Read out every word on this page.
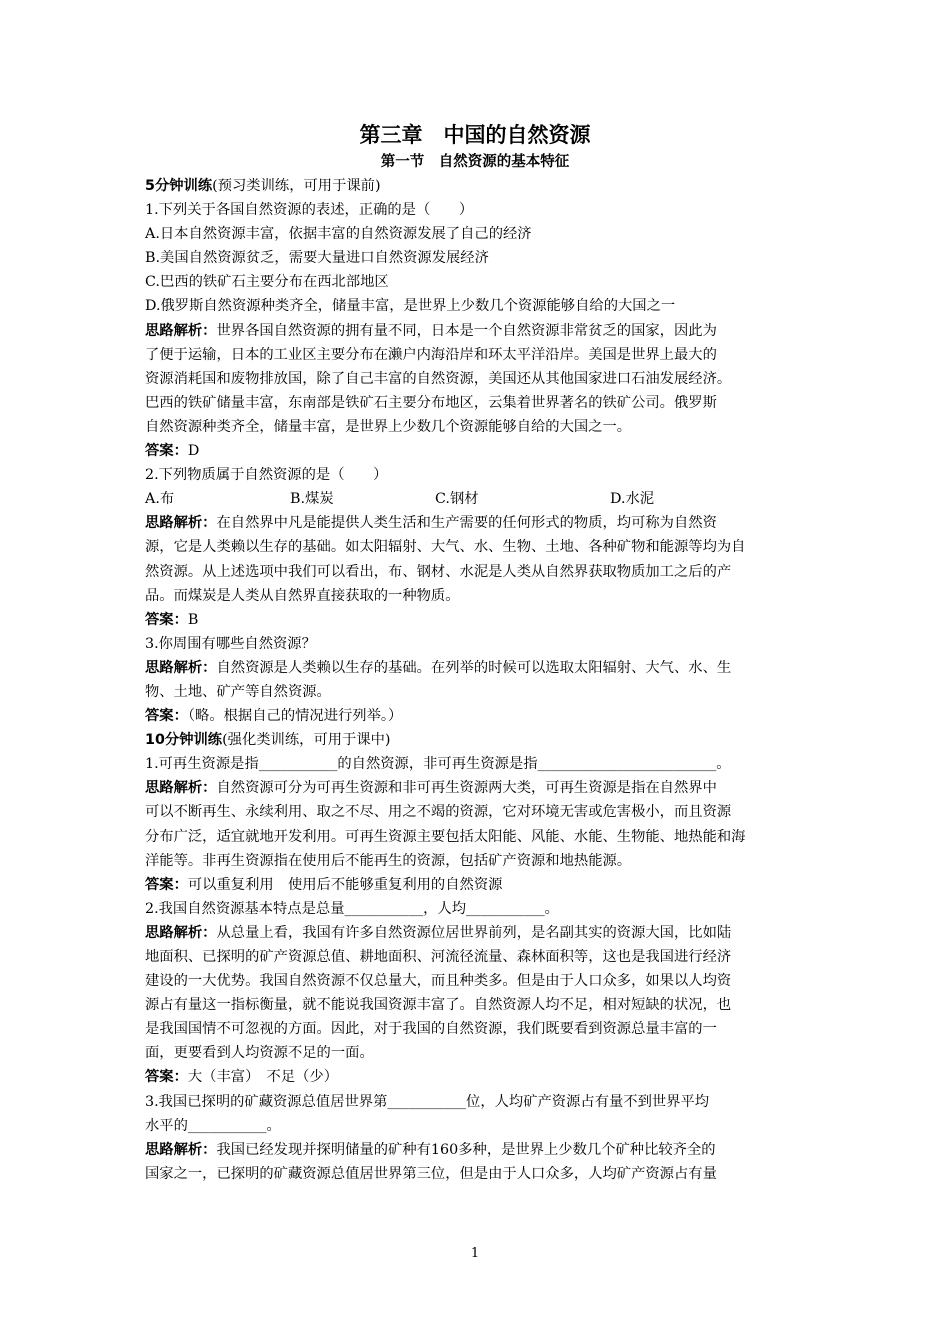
第三章　中国的自然资源
第一节　自然资源的基本特征
5分钟训练(预习类训练，可用于课前)
1.下列关于各国自然资源的表述，正确的是（　　）
A.日本自然资源丰富，依据丰富的自然资源发展了自己的经济
B.美国自然资源贫乏，需要大量进口自然资源发展经济
C.巴西的铁矿石主要分布在西北部地区
D.俄罗斯自然资源种类齐全，储量丰富，是世界上少数几个资源能够自给的大国之一
思路解析：世界各国自然资源的拥有量不同，日本是一个自然资源非常贫乏的国家，因此为
了便于运输，日本的工业区主要分布在濑户内海沿岸和环太平洋沿岸。美国是世界上最大的
资源消耗国和废物排放国，除了自己丰富的自然资源，美国还从其他国家进口石油发展经济。
巴西的铁矿储量丰富，东南部是铁矿石主要分布地区，云集着世界著名的铁矿公司。俄罗斯
自然资源种类齐全，储量丰富，是世界上少数几个资源能够自给的大国之一。
答案：D
2.下列物质属于自然资源的是（　　）
A.布	B.煤炭	C.钢材	D.水泥
思路解析：在自然界中凡是能提供人类生活和生产需要的任何形式的物质，均可称为自然资
源，它是人类赖以生存的基础。如太阳辐射、大气、水、生物、土地、各种矿物和能源等均为自
然资源。从上述选项中我们可以看出，布、钢材、水泥是人类从自然界获取物质加工之后的产
品。而煤炭是人类从自然界直接获取的一种物质。
答案：B
3.你周围有哪些自然资源？
思路解析：自然资源是人类赖以生存的基础。在列举的时候可以选取太阳辐射、大气、水、生
物、土地、矿产等自然资源。
答案：（略。根据自己的情况进行列举。）
10分钟训练(强化类训练，可用于课中)
1.可再生资源是指___________的自然资源，非可再生资源是指_________________________。
思路解析：自然资源可分为可再生资源和非可再生资源两大类，可再生资源是指在自然界中
可以不断再生、永续利用、取之不尽、用之不竭的资源，它对环境无害或危害极小，而且资源
分布广泛，适宜就地开发利用。可再生资源主要包括太阳能、风能、水能、生物能、地热能和海
洋能等。非再生资源指在使用后不能再生的资源，包括矿产资源和地热能源。
答案：可以重复利用　使用后不能够重复利用的自然资源
2.我国自然资源基本特点是总量___________，人均___________。
思路解析：从总量上看，我国有许多自然资源位居世界前列，是名副其实的资源大国，比如陆
地面积、已探明的矿产资源总值、耕地面积、河流径流量、森林面积等，这也是我国进行经济
建设的一大优势。我国自然资源不仅总量大，而且种类多。但是由于人口众多，如果以人均资
源占有量这一指标衡量，就不能说我国资源丰富了。自然资源人均不足，相对短缺的状况，也
是我国国情不可忽视的方面。因此，对于我国的自然资源，我们既要看到资源总量丰富的一
面，更要看到人均资源不足的一面。
答案：大（丰富）　不足（少）
3.我国已探明的矿藏资源总值居世界第___________位，人均矿产资源占有量不到世界平均
水平的___________。
思路解析：我国已经发现并探明储量的矿种有160多种，是世界上少数几个矿种比较齐全的
国家之一，已探明的矿藏资源总值居世界第三位，但是由于人口众多，人均矿产资源占有量
1
